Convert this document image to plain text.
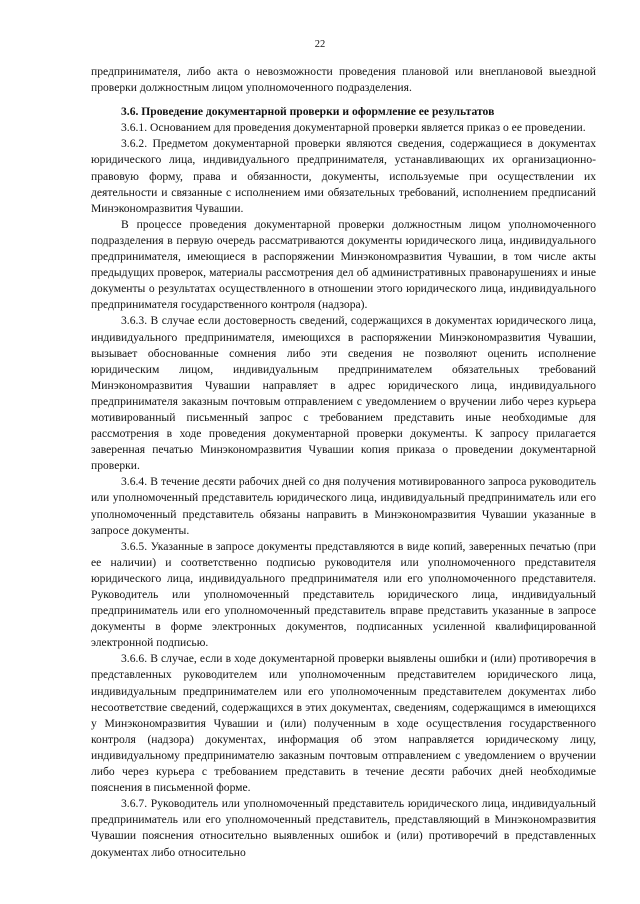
22

предпринимателя, либо акта о невозможности проведения плановой или внеплановой выездной проверки должностным лицом уполномоченного подразделения.

3.6. Проведение документарной проверки и оформление ее результатов

3.6.1. Основанием для проведения документарной проверки является приказ о ее проведении.

3.6.2. Предметом документарной проверки являются сведения, содержащиеся в документах юридического лица, индивидуального предпринимателя, устанавливающих их организационно-правовую форму, права и обязанности, документы, используемые при осуществлении их деятельности и связанные с исполнением ими обязательных требований, исполнением предписаний Минэкономразвития Чувашии.

В процессе проведения документарной проверки должностным лицом уполномоченного подразделения в первую очередь рассматриваются документы юридического лица, индивидуального предпринимателя, имеющиеся в распоряжении Минэкономразвития Чувашии, в том числе акты предыдущих проверок, материалы рассмотрения дел об административных правонарушениях и иные документы о результатах осуществленного в отношении этого юридического лица, индивидуального предпринимателя государственного контроля (надзора).

3.6.3. В случае если достоверность сведений, содержащихся в документах юридического лица, индивидуального предпринимателя, имеющихся в распоряжении Минэкономразвития Чувашии, вызывает обоснованные сомнения либо эти сведения не позволяют оценить исполнение юридическим лицом, индивидуальным предпринимателем обязательных требований Минэкономразвития Чувашии направляет в адрес юридического лица, индивидуального предпринимателя заказным почтовым отправлением с уведомлением о вручении либо через курьера мотивированный письменный запрос с требованием представить иные необходимые для рассмотрения в ходе проведения документарной проверки документы. К запросу прилагается заверенная печатью Минэкономразвития Чувашии копия приказа о проведении документарной проверки.

3.6.4. В течение десяти рабочих дней со дня получения мотивированного запроса руководитель или уполномоченный представитель юридического лица, индивидуальный предприниматель или его уполномоченный представитель обязаны направить в Минэкономразвития Чувашии указанные в запросе документы.

3.6.5. Указанные в запросе документы представляются в виде копий, заверенных печатью (при ее наличии) и соответственно подписью руководителя или уполномоченного представителя юридического лица, индивидуального предпринимателя или его уполномоченного представителя. Руководитель или уполномоченный представитель юридического лица, индивидуальный предприниматель или его уполномоченный представитель вправе представить указанные в запросе документы в форме электронных документов, подписанных усиленной квалифицированной электронной подписью.

3.6.6. В случае, если в ходе документарной проверки выявлены ошибки и (или) противоречия в представленных руководителем или уполномоченным представителем юридического лица, индивидуальным предпринимателем или его уполномоченным представителем документах либо несоответствие сведений, содержащихся в этих документах, сведениям, содержащимся в имеющихся у Минэкономразвития Чувашии и (или) полученным в ходе осуществления государственного контроля (надзора) документах, информация об этом направляется юридическому лицу, индивидуальному предпринимателю заказным почтовым отправлением с уведомлением о вручении либо через курьера с требованием представить в течение десяти рабочих дней необходимые пояснения в письменной форме.

3.6.7. Руководитель или уполномоченный представитель юридического лица, индивидуальный предприниматель или его уполномоченный представитель, представляющий в Минэкономразвития Чувашии пояснения относительно выявленных ошибок и (или) противоречий в представленных документах либо относительно
